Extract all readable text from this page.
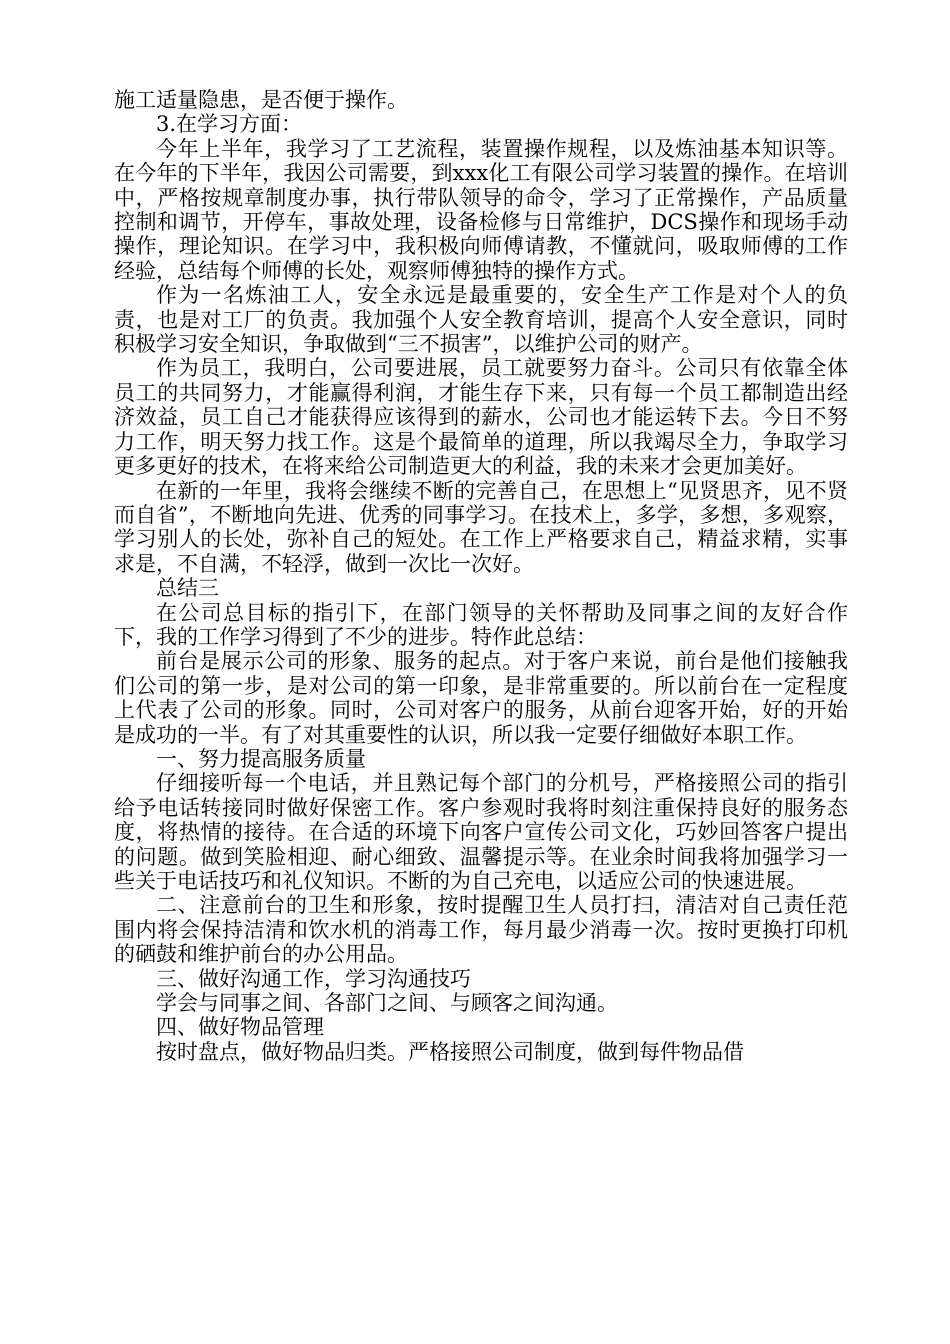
施工适量隐患，是否便于操作。

3.在学习方面：

今年上半年，我学习了工艺流程，装置操作规程，以及炼油基本知识等。在今年的下半年，我因公司需要，到xxx化工有限公司学习装置的操作。在培训中，严格按规章制度办事，执行带队领导的命令，学习了正常操作，产品质量控制和调节，开停车，事故处理，设备检修与日常维护，DCS操作和现场手动操作，理论知识。在学习中，我积极向师傅请教，不懂就问，吸取师傅的工作经验，总结每个师傅的长处，观察师傅独特的操作方式。

作为一名炼油工人，安全永远是最重要的，安全生产工作是对个人的负责，也是对工厂的负责。我加强个人安全教育培训，提高个人安全意识，同时积极学习安全知识，争取做到“三不损害”，以维护公司的财产。

作为员工，我明白，公司要进展，员工就要努力奋斗。公司只有依靠全体员工的共同努力，才能赢得利润，才能生存下来，只有每一个员工都制造出经济效益，员工自己才能获得应该得到的薪水，公司也才能运转下去。今日不努力工作，明天努力找工作。这是个最简单的道理，所以我竭尽全力，争取学习更多更好的技术，在将来给公司制造更大的利益，我的未来才会更加美好。

在新的一年里，我将会继续不断的完善自己，在思想上“见贤思齐，见不贤而自省”，不断地向先进、优秀的同事学习。在技术上，多学，多想，多观察，学习别人的长处，弥补自己的短处。在工作上严格要求自己，精益求精，实事求是，不自满，不轻浮，做到一次比一次好。

总结三

在公司总目标的指引下，在部门领导的关怀帮助及同事之间的友好合作下，我的工作学习得到了不少的进步。特作此总结：

前台是展示公司的形象、服务的起点。对于客户来说，前台是他们接触我们公司的第一步，是对公司的第一印象，是非常重要的。所以前台在一定程度上代表了公司的形象。同时，公司对客户的服务，从前台迎客开始，好的开始是成功的一半。有了对其重要性的认识，所以我一定要仔细做好本职工作。

一、努力提高服务质量

仔细接听每一个电话，并且熟记每个部门的分机号，严格接照公司的指引给予电话转接同时做好保密工作。客户参观时我将时刻注重保持良好的服务态度，将热情的接待。在合适的环境下向客户宣传公司文化，巧妙回答客户提出的问题。做到笑脸相迎、耐心细致、温馨提示等。在业余时间我将加强学习一些关于电话技巧和礼仪知识。不断的为自己充电，以适应公司的快速进展。

二、注意前台的卫生和形象，按时提醒卫生人员打扫，清洁对自己责任范围内将会保持洁清和饮水机的消毒工作，每月最少消毒一次。按时更换打印机的硒鼓和维护前台的办公用品。

三、做好沟通工作，学习沟通技巧

学会与同事之间、各部门之间、与顾客之间沟通。

四、做好物品管理

按时盘点，做好物品归类。严格接照公司制度，做到每件物品借
